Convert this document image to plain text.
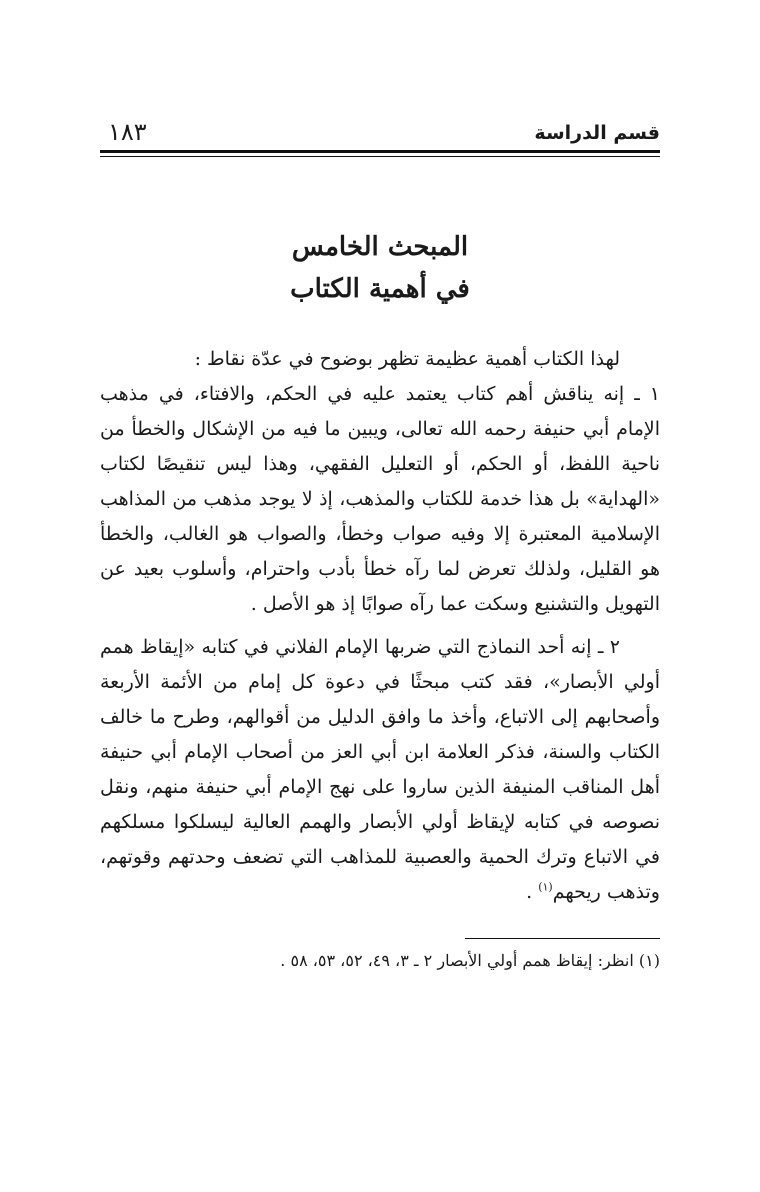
قسم الدراسة
١٨٣
المبحث الخامس
في أهمية الكتاب

لهذا الكتاب أهمية عظيمة تظهر بوضوح في عدّة نقاط :

١ ـ إنه يناقش أهم كتاب يعتمد عليه في الحكم، والافتاء، في مذهب الإمام أبي حنيفة رحمه الله تعالى، ويبين ما فيه من الإشكال والخطأ من ناحية اللفظ، أو الحكم، أو التعليل الفقهي، وهذا ليس تنقيصًا لكتاب «الهداية» بل هذا خدمة للكتاب والمذهب، إذ لا يوجد مذهب من المذاهب الإسلامية المعتبرة إلا وفيه صواب وخطأ، والصواب هو الغالب، والخطأ هو القليل، ولذلك تعرض لما رآه خطأ بأدب واحترام، وأسلوب بعيد عن التهويل والتشنيع وسكت عما رآه صوابًا إذ هو الأصل .

٢ ـ إنه أحد النماذج التي ضربها الإمام الفلاني في كتابه «إيقاظ همم أولي الأبصار»، فقد كتب مبحثًا في دعوة كل إمام من الأئمة الأربعة وأصحابهم إلى الاتباع، وأخذ ما وافق الدليل من أقوالهم، وطرح ما خالف الكتاب والسنة، فذكر العلامة ابن أبي العز من أصحاب الإمام أبي حنيفة أهل المناقب المنيفة الذين ساروا على نهج الإمام أبي حنيفة منهم، ونقل نصوصه في كتابه لإيقاظ أولي الأبصار والهمم العالية ليسلكوا مسلكهم في الاتباع وترك الحمية والعصبية للمذاهب التي تضعف وحدتهم وقوتهم، وتذهب ريحهم$^{(١)}$ .

(١) انظر: إيقاظ همم أولي الأبصار ٢ ـ ٣، ٤٩، ٥٢، ٥٣، ٥٨ .
